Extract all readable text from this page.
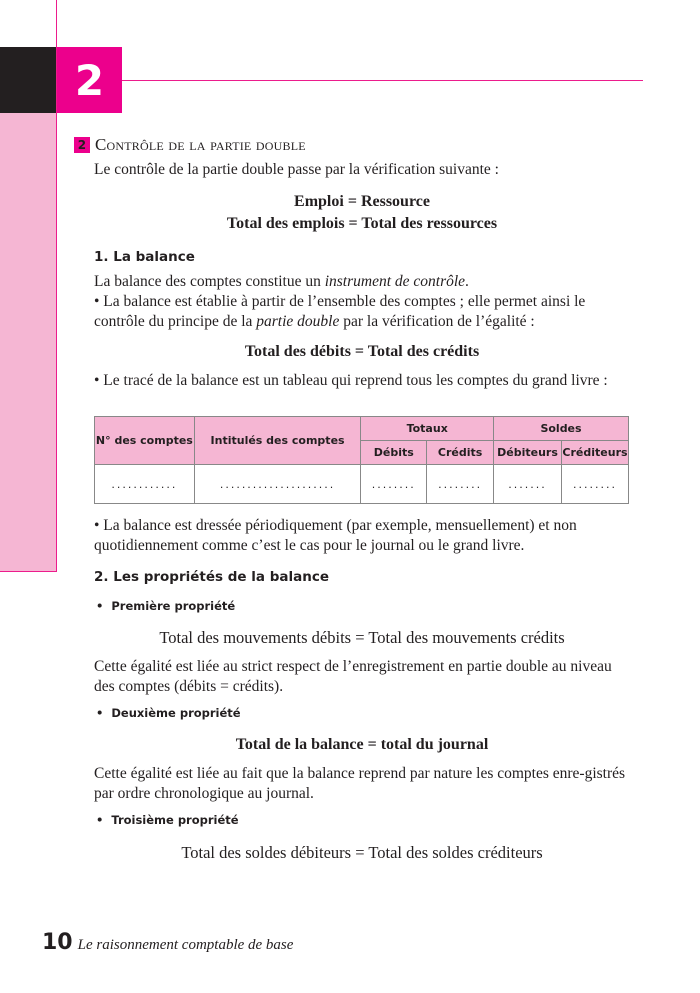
2
2 Contrôle de la partie double
Le contrôle de la partie double passe par la vérification suivante :
Emploi = Ressource
Total des emplois = Total des ressources
1. La balance
La balance des comptes constitue un instrument de contrôle.
• La balance est établie à partir de l’ensemble des comptes ; elle permet ainsi le contrôle du principe de la partie double par la vérification de l’égalité :
Total des débits = Total des crédits
• Le tracé de la balance est un tableau qui reprend tous les comptes du grand livre :
N° des comptes	Intitulés des comptes	Totaux		Soldes	
		Débits	Crédits	Débiteurs	Créditeurs
............	.....................	........	........	.......	........
• La balance est dressée périodiquement (par exemple, mensuellement) et non quotidiennement comme c’est le cas pour le journal ou le grand livre.
2. Les propriétés de la balance
• Première propriété
Total des mouvements débits = Total des mouvements crédits
Cette égalité est liée au strict respect de l’enregistrement en partie double au niveau des comptes (débits = crédits).
• Deuxième propriété
Total de la balance = total du journal
Cette égalité est liée au fait que la balance reprend par nature les comptes enre-gistrés par ordre chronologique au journal.
• Troisième propriété
Total des soldes débiteurs = Total des soldes créditeurs
10 Le raisonnement comptable de base
